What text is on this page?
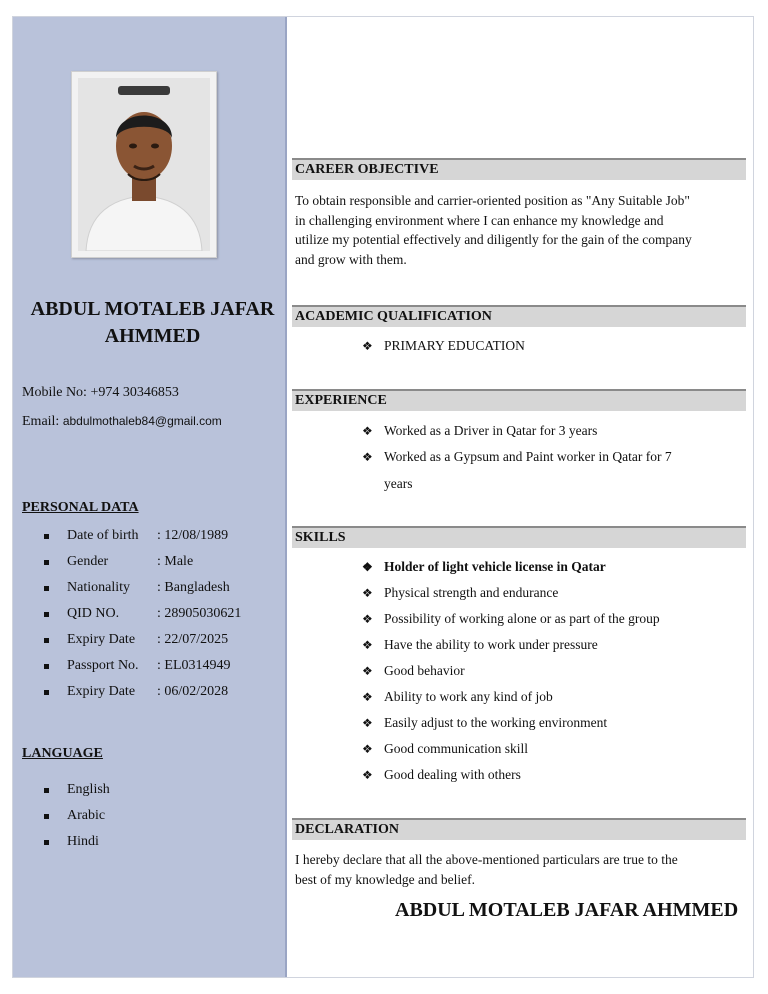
ABDUL MOTALEB JAFAR
AHMMED
Mobile No: +974 30346853
Email: abdulmothaleb84@gmail.com
PERSONAL DATA
Date of birth	: 12/08/1989
Gender	: Male
Nationality	: Bangladesh
QID NO.	: 28905030621
Expiry Date	: 22/07/2025
Passport No.	: EL0314949
Expiry Date	: 06/02/2028
LANGUAGE
English
Arabic
Hindi
CAREER OBJECTIVE
To obtain responsible and carrier-oriented position as "Any Suitable Job"
in challenging environment where I can enhance my knowledge and
utilize my potential effectively and diligently for the gain of the company
and grow with them.
ACADEMIC QUALIFICATION
❖ PRIMARY EDUCATION
EXPERIENCE
❖ Worked as a Driver in Qatar for 3 years
❖ Worked as a Gypsum and Paint worker in Qatar for 7
years
SKILLS
❖ Holder of light vehicle license in Qatar
❖ Physical strength and endurance
❖ Possibility of working alone or as part of the group
❖ Have the ability to work under pressure
❖ Good behavior
❖ Ability to work any kind of job
❖ Easily adjust to the working environment
❖ Good communication skill
❖ Good dealing with others
DECLARATION
I hereby declare that all the above-mentioned particulars are true to the
best of my knowledge and belief.
ABDUL MOTALEB JAFAR AHMMED
